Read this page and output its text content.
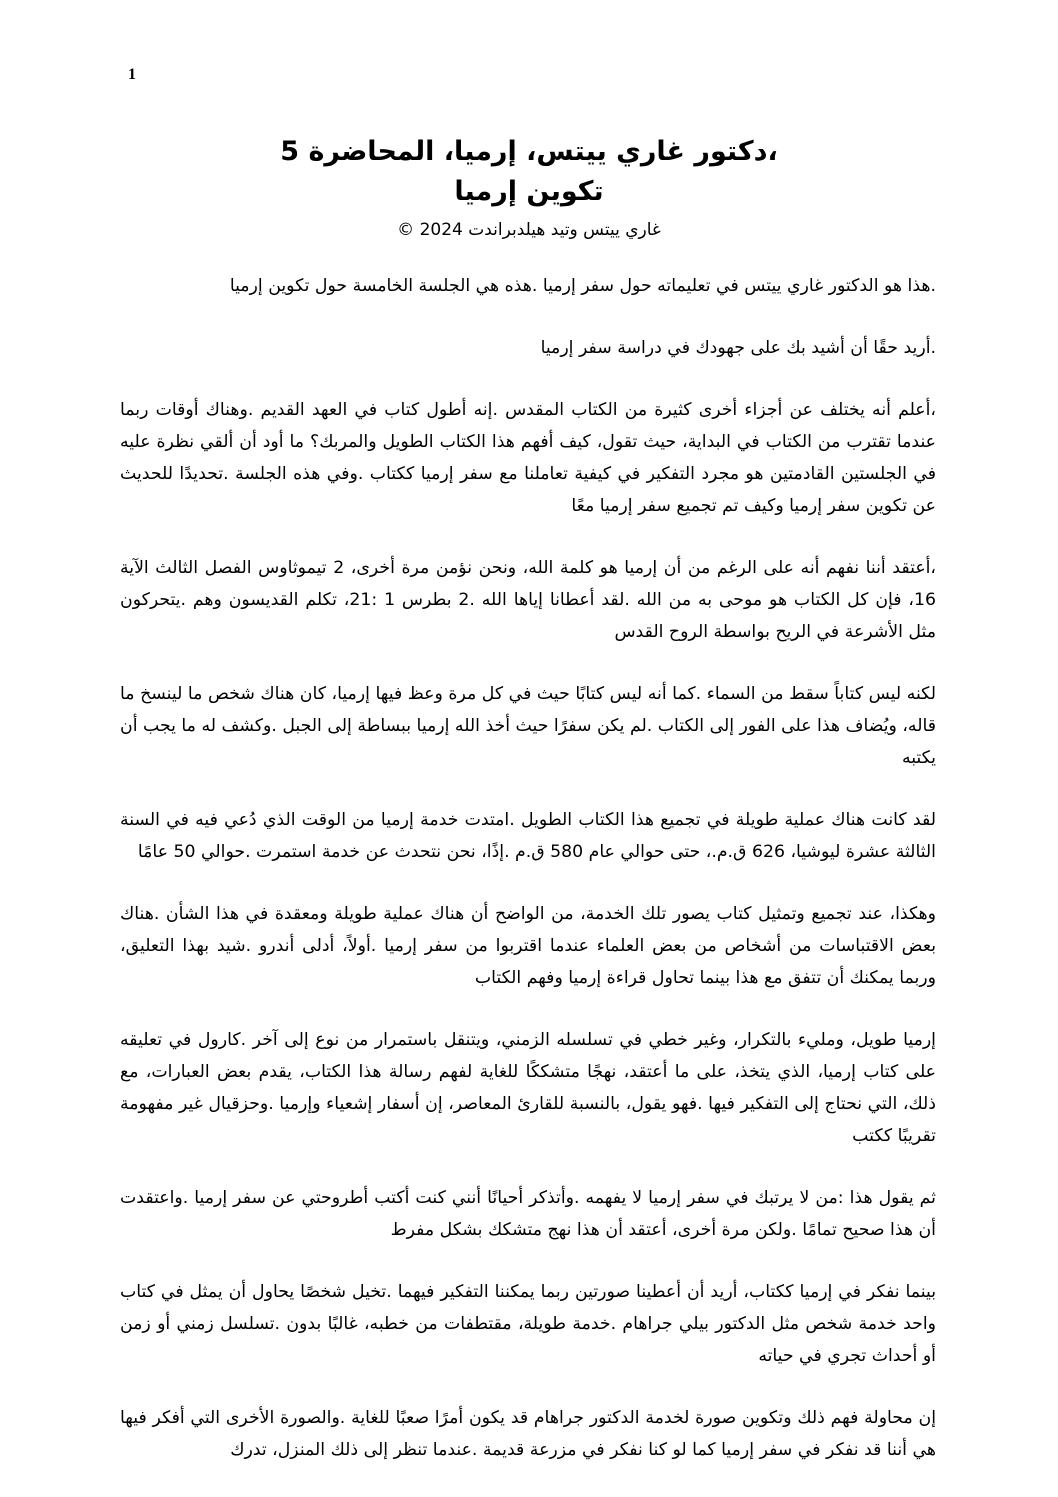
1
،دكتور غاري ييتس، إرميا، المحاضرة 5
تكوين إرميا
غاري ييتس وتيد هيلدبراندت 2024 ©

.هذا هو الدكتور غاري ييتس في تعليماته حول سفر إرميا .هذه هي الجلسة الخامسة حول تكوين إرميا

.أريد حقًا أن أشيد بك على جهودك في دراسة سفر إرميا

،أعلم أنه يختلف عن أجزاء أخرى كثيرة من الكتاب المقدس .إنه أطول كتاب في العهد القديم .وهناك أوقات ربما عندما تقترب من الكتاب في البداية، حيث تقول، كيف أفهم هذا الكتاب الطويل والمربك؟ ما أود أن ألقي نظرة عليه في الجلستين القادمتين هو مجرد التفكير في كيفية تعاملنا مع سفر إرميا ككتاب .وفي هذه الجلسة .تحديدًا للحديث عن تكوين سفر إرميا وكيف تم تجميع سفر إرميا معًا

،أعتقد أننا نفهم أنه على الرغم من أن إرميا هو كلمة الله، ونحن نؤمن مرة أخرى، 2 تيموثاوس الفصل الثالث الآية 16، فإن كل الكتاب هو موحى به من الله .لقد أعطانا إياها الله .2 بطرس 1 :21، تكلم القديسون وهم .يتحركون مثل الأشرعة في الريح بواسطة الروح القدس

لكنه ليس كتاباً سقط من السماء .كما أنه ليس كتابًا حيث في كل مرة وعظ فيها إرميا، كان هناك شخص ما لينسخ ما قاله، ويُضاف هذا على الفور إلى الكتاب .لم يكن سفرًا حيث أخذ الله إرميا ببساطة إلى الجبل .وكشف له ما يجب أن يكتبه

لقد كانت هناك عملية طويلة في تجميع هذا الكتاب الطويل .امتدت خدمة إرميا من الوقت الذي دُعي فيه في السنة الثالثة عشرة ليوشيا، 626 ق.م.، حتى حوالي عام 580 ق.م .إذًا، نحن نتحدث عن خدمة استمرت .حوالي 50 عامًا

وهكذا، عند تجميع وتمثيل كتاب يصور تلك الخدمة، من الواضح أن هناك عملية طويلة ومعقدة في هذا الشأن .هناك بعض الاقتباسات من أشخاص من بعض العلماء عندما اقتربوا من سفر إرميا .أولاً، أدلى أندرو .شيد بهذا التعليق، وربما يمكنك أن تتفق مع هذا بينما تحاول قراءة إرميا وفهم الكتاب

إرميا طويل، ومليء بالتكرار، وغير خطي في تسلسله الزمني، ويتنقل باستمرار من نوع إلى آخر .كارول في تعليقه على كتاب إرميا، الذي يتخذ، على ما أعتقد، نهجًا متشككًا للغاية لفهم رسالة هذا الكتاب، يقدم بعض العبارات، مع ذلك، التي نحتاج إلى التفكير فيها .فهو يقول، بالنسبة للقارئ المعاصر، إن أسفار إشعياء وإرميا .وحزقيال غير مفهومة تقريبًا ككتب

ثم يقول هذا :من لا يرتبك في سفر إرميا لا يفهمه .وأتذكر أحيانًا أنني كنت أكتب أطروحتي عن سفر إرميا .واعتقدت أن هذا صحيح تمامًا .ولكن مرة أخرى، أعتقد أن هذا نهج متشكك بشكل مفرط

بينما نفكر في إرميا ككتاب، أريد أن أعطينا صورتين ربما يمكننا التفكير فيهما .تخيل شخصًا يحاول أن يمثل في كتاب واحد خدمة شخص مثل الدكتور بيلي جراهام .خدمة طويلة، مقتطفات من خطبه، غالبًا بدون .تسلسل زمني أو زمن أو أحداث تجري في حياته

إن محاولة فهم ذلك وتكوين صورة لخدمة الدكتور جراهام قد يكون أمرًا صعبًا للغاية .والصورة الأخرى التي أفكر فيها هي أننا قد نفكر في سفر إرميا كما لو كنا نفكر في مزرعة قديمة .عندما تنظر إلى ذلك المنزل، تدرك
